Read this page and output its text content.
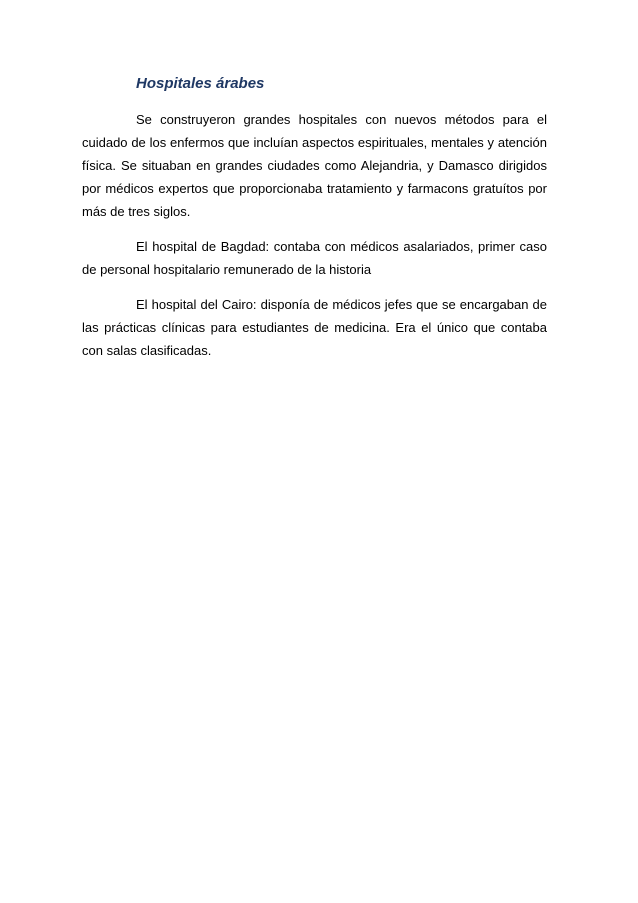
Hospitales árabes

Se construyeron grandes hospitales con nuevos métodos para el cuidado de los enfermos que incluían aspectos espirituales, mentales y atención física. Se situaban en grandes ciudades como Alejandria, y Damasco dirigidos por médicos expertos que proporcionaba tratamiento y farmacons gratuítos por más de tres siglos.

El hospital de Bagdad: contaba con médicos asalariados, primer caso de personal hospitalario remunerado de la historia

El hospital del Cairo: disponía de médicos jefes que se encargaban de las prácticas clínicas para estudiantes de medicina. Era el único que contaba con salas clasificadas.
